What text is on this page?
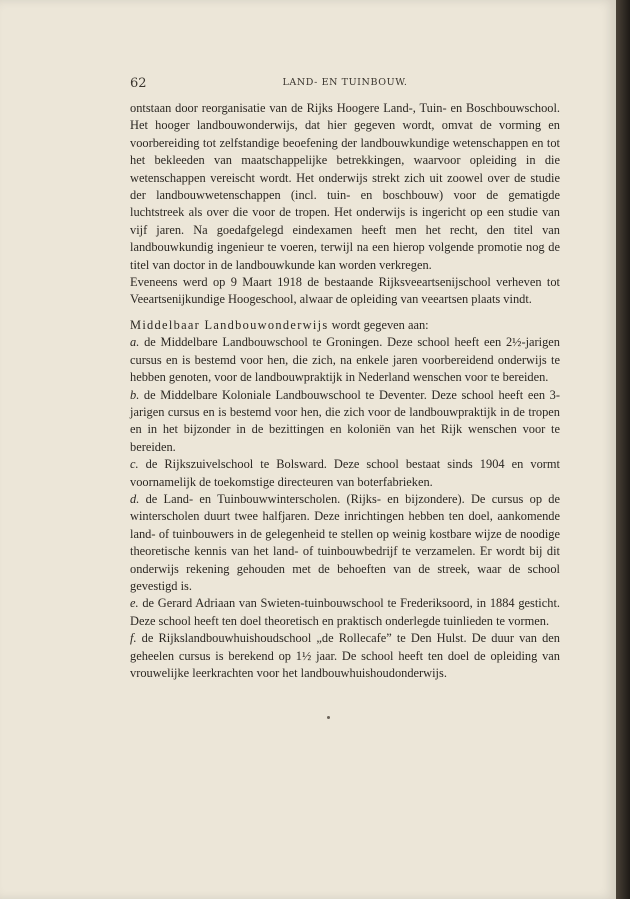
62	LAND- EN TUINBOUW.

ontstaan door reorganisatie van de Rijks Hoogere Land-, Tuin- en Boschbouwschool. Het hooger landbouwonderwijs, dat hier gegeven wordt, omvat de vorming en voorbereiding tot zelfstandige beoefening der landbouwkundige wetenschappen en tot het bekleeden van maatschappelijke betrekkingen, waarvoor opleiding in die wetenschappen vereischt wordt. Het onderwijs strekt zich uit zoowel over de studie der landbouwwetenschappen (incl. tuin- en boschbouw) voor de gematigde luchtstreek als over die voor de tropen. Het onderwijs is ingericht op een studie van vijf jaren. Na goedafgelegd eindexamen heeft men het recht, den titel van landbouwkundig ingenieur te voeren, terwijl na een hierop volgende promotie nog de titel van doctor in de landbouwkunde kan worden verkregen.

Eveneens werd op 9 Maart 1918 de bestaande Rijksveeartsenijschool verheven tot Veeartsenijkundige Hoogeschool, alwaar de opleiding van veeartsen plaats vindt.

Middelbaar Landbouwonderwijs wordt gegeven aan:

a. de Middelbare Landbouwschool te Groningen. Deze school heeft een 2½-jarigen cursus en is bestemd voor hen, die zich, na enkele jaren voorbereidend onderwijs te hebben genoten, voor de landbouwpraktijk in Nederland wenschen voor te bereiden.

b. de Middelbare Koloniale Landbouwschool te Deventer. Deze school heeft een 3-jarigen cursus en is bestemd voor hen, die zich voor de landbouwpraktijk in de tropen en in het bijzonder in de bezittingen en koloniën van het Rijk wenschen voor te bereiden.

c. de Rijkszuivelschool te Bolsward. Deze school bestaat sinds 1904 en vormt voornamelijk de toekomstige directeuren van boterfabrieken.

d. de Land- en Tuinbouwwinterscholen. (Rijks- en bijzondere). De cursus op de winterscholen duurt twee halfjaren. Deze inrichtingen hebben ten doel, aankomende land- of tuinbouwers in de gelegenheid te stellen op weinig kostbare wijze de noodige theoretische kennis van het land- of tuinbouwbedrijf te verzamelen. Er wordt bij dit onderwijs rekening gehouden met de behoeften van de streek, waar de school gevestigd is.

e. de Gerard Adriaan van Swieten-tuinbouwschool te Frederiksoord, in 1884 gesticht. Deze school heeft ten doel theoretisch en praktisch onderlegde tuinlieden te vormen.

f. de Rijkslandbouwhuishoudschool „de Rollecafe” te Den Hulst. De duur van den geheelen cursus is berekend op 1½ jaar. De school heeft ten doel de opleiding van vrouwelijke leerkrachten voor het landbouwhuishoudonderwijs.
